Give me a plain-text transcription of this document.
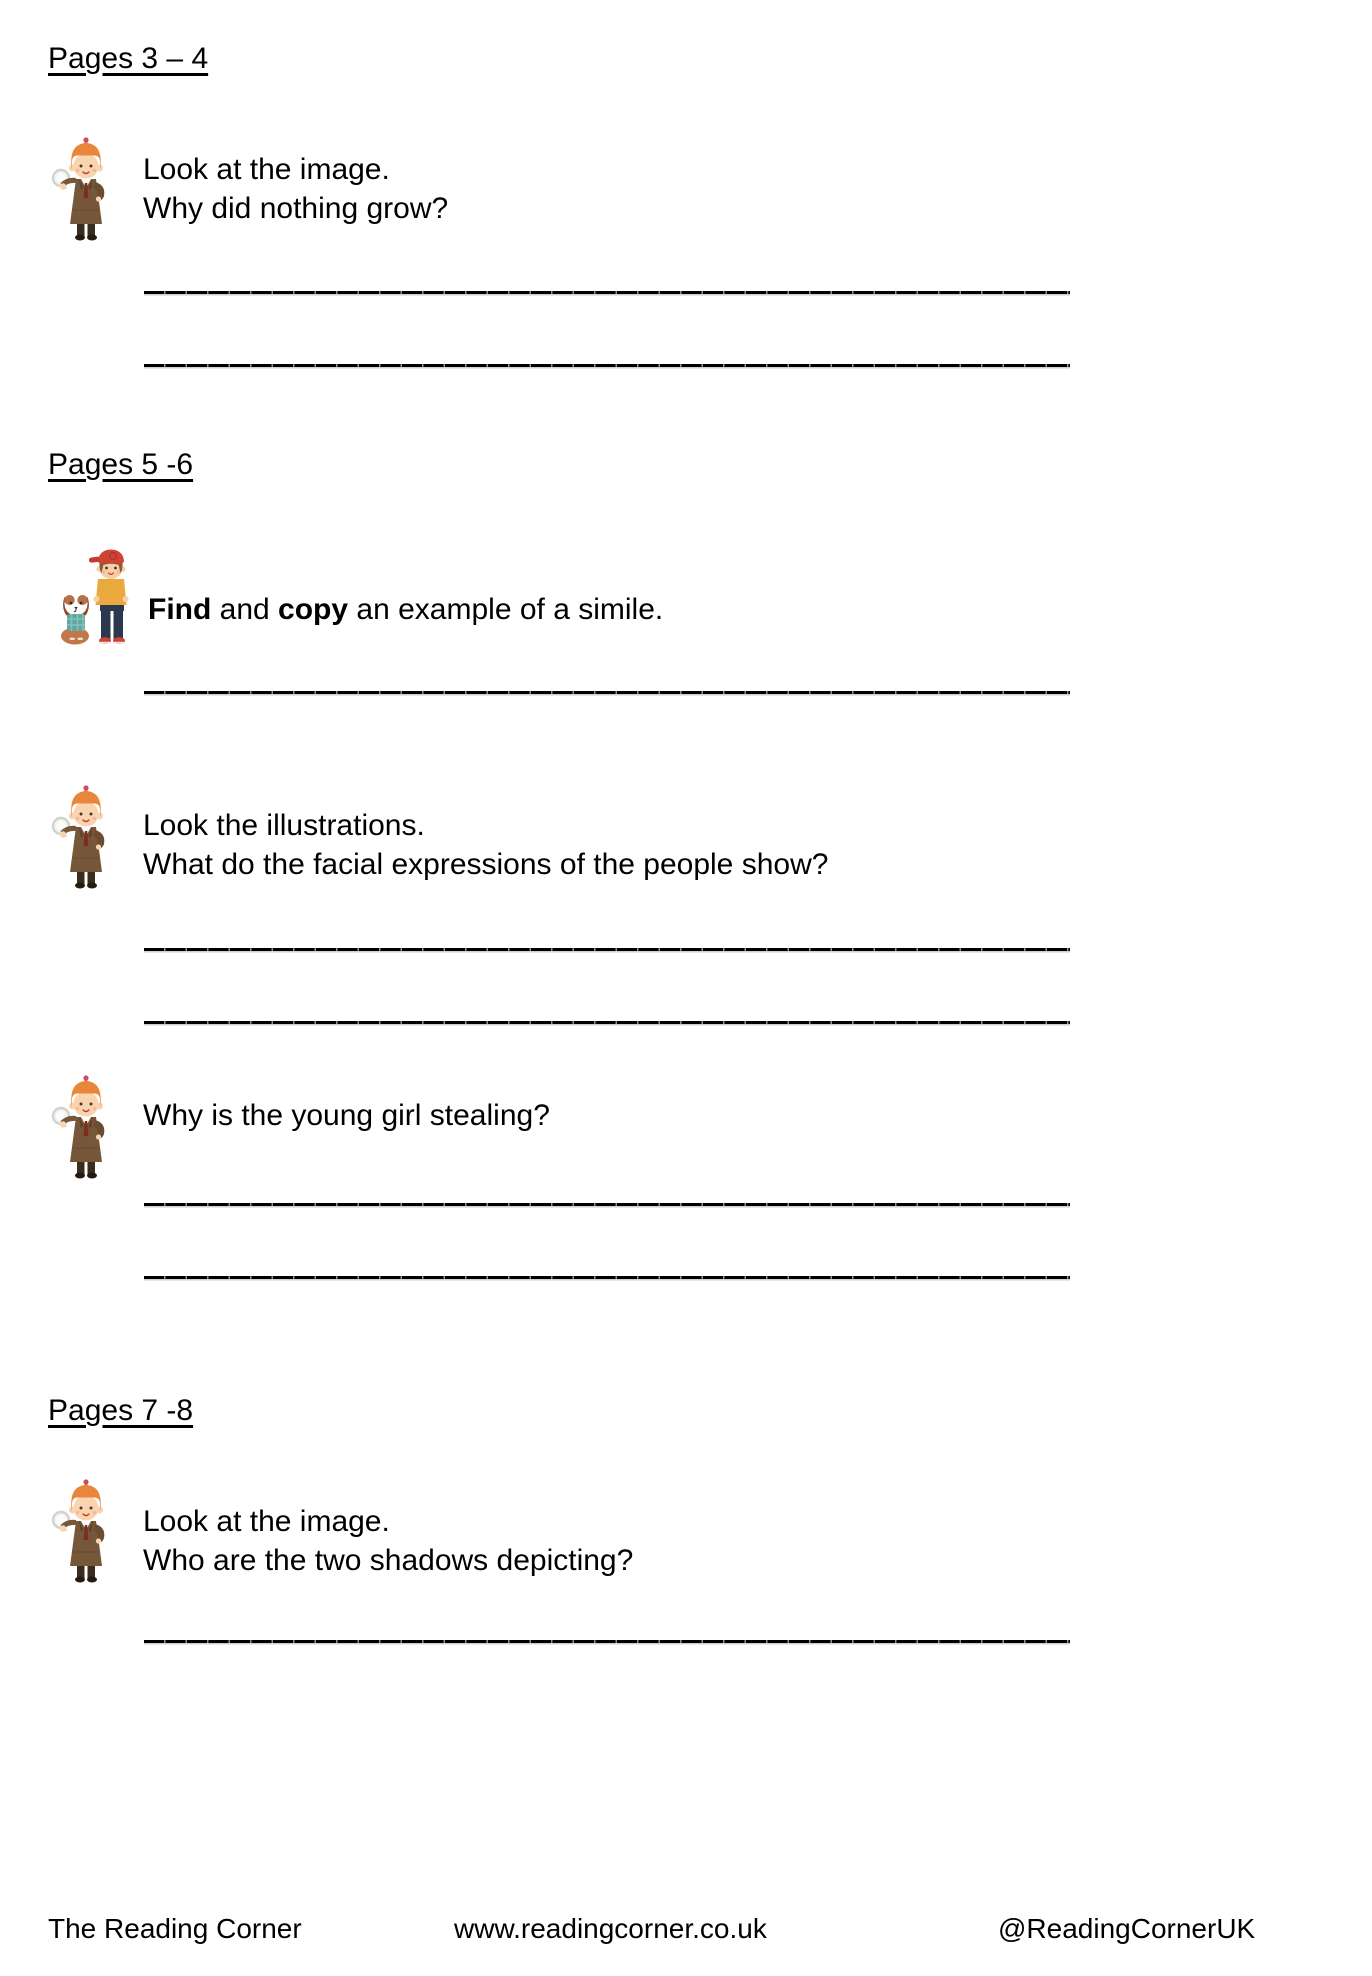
Pages 3 – 4
Look at the image.
Why did nothing grow?
Pages 5 -6
Find and copy an example of a simile.
Look the illustrations.
What do the facial expressions of the people show?
Why is the young girl stealing?
Pages 7 -8
Look at the image.
Who are the two shadows depicting?
The Reading Corner	www.readingcorner.co.uk	@ReadingCornerUK
